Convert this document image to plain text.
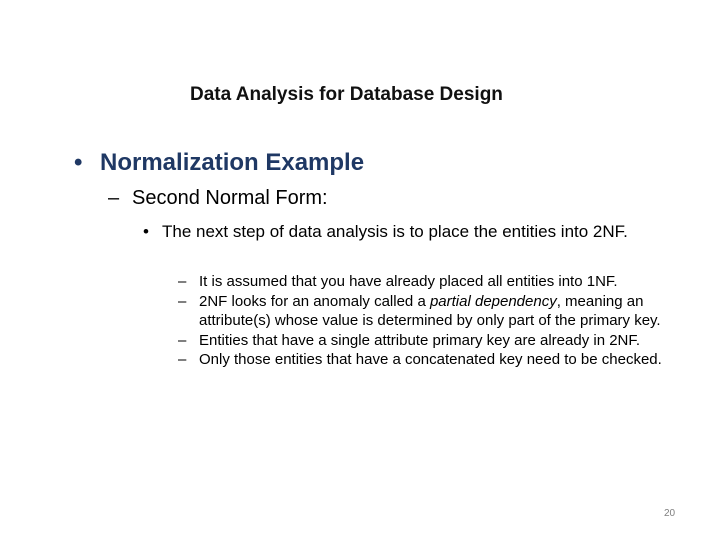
Data Analysis for Database Design
• Normalization Example
– Second Normal Form:
• The next step of data analysis is to place the entities into 2NF.
– It is assumed that you have already placed all entities into 1NF.
– 2NF looks for an anomaly called a partial dependency, meaning an attribute(s) whose value is determined by only part of the primary key.
– Entities that have a single attribute primary key are already in 2NF.
– Only those entities that have a concatenated key need to be checked.
20
